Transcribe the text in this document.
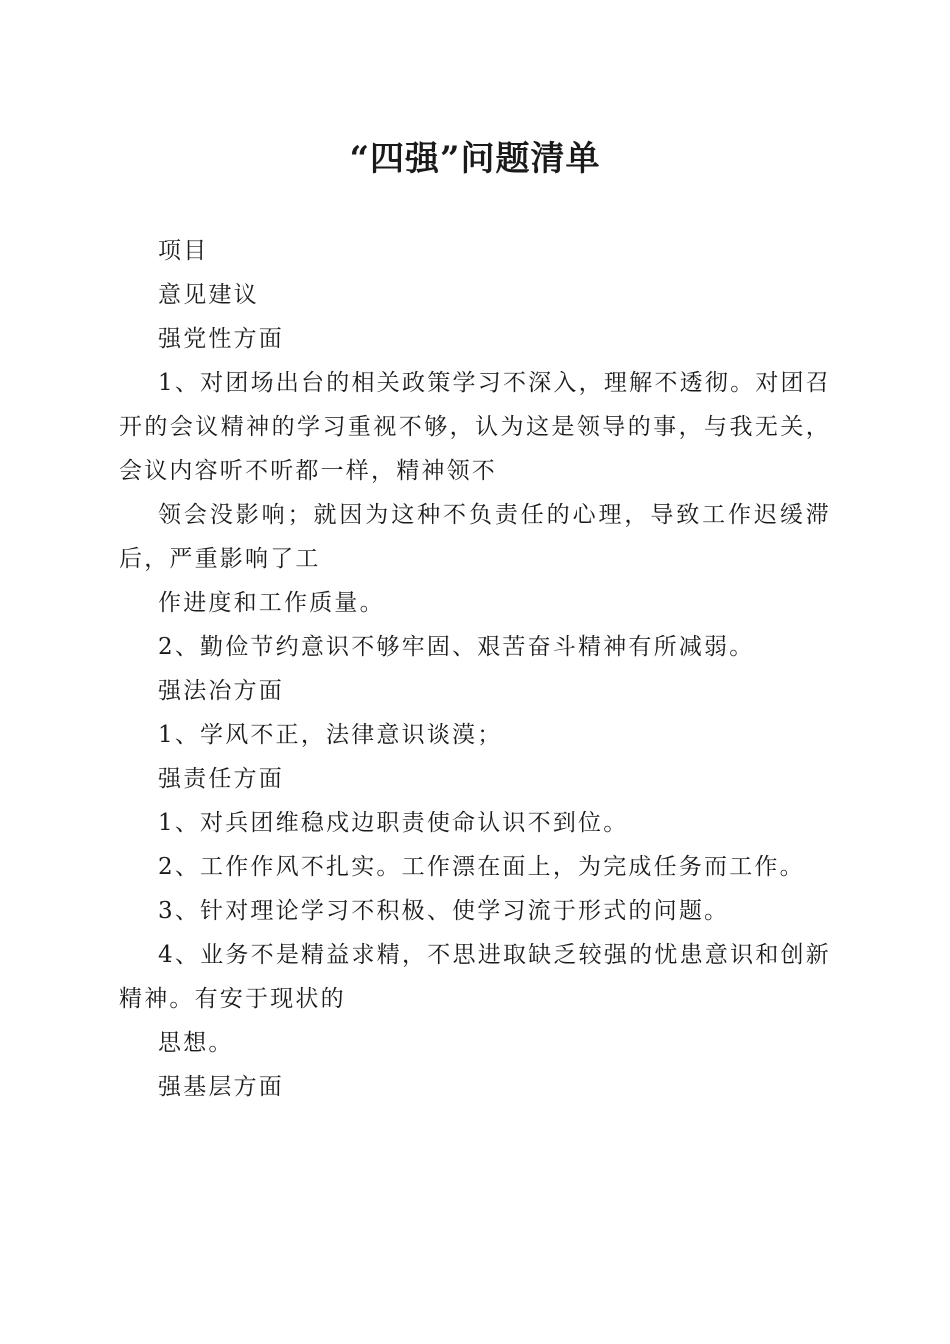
“四强”问题清单

项目

意见建议

强党性方面

1、对团场出台的相关政策学习不深入，理解不透彻。对团召开的会议精神的学习重视不够，认为这是领导的事，与我无关，会议内容听不听都一样，精神领不

领会没影响；就因为这种不负责任的心理，导致工作迟缓滞后，严重影响了工

作进度和工作质量。

2、勤俭节约意识不够牢固、艰苦奋斗精神有所减弱。

强法冶方面

1、学风不正，法律意识谈漠；

强责任方面

1、对兵团维稳戍边职责使命认识不到位。

2、工作作风不扎实。工作漂在面上，为完成任务而工作。

3、针对理论学习不积极、使学习流于形式的问题。

4、业务不是精益求精，不思进取缺乏较强的忧患意识和创新精神。有安于现状的

思想。

强基层方面
